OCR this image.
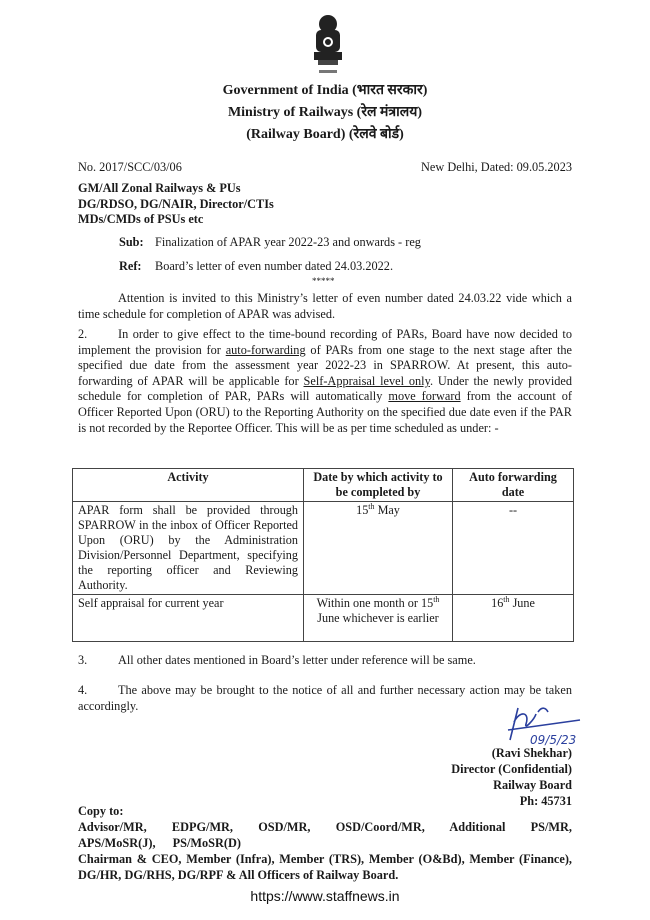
Government of India (भारत सरकार)
Ministry of Railways (रेल मंत्रालय)
(Railway Board) (रेलवे बोर्ड)
No. 2017/SCC/03/06	New Delhi, Dated: 09.05.2023
GM/All Zonal Railways & PUs
DG/RDSO, DG/NAIR, Director/CTIs
MDs/CMDs of PSUs etc
Sub: Finalization of APAR year 2022-23 and onwards - reg
Ref: Board’s letter of even number dated 24.03.2022.
*****
Attention is invited to this Ministry’s letter of even number dated 24.03.22 vide which a time schedule for completion of APAR was advised.
2.	In order to give effect to the time-bound recording of PARs, Board have now decided to implement the provision for auto-forwarding of PARs from one stage to the next stage after the specified due date from the assessment year 2022-23 in SPARROW. At present, this auto-forwarding of APAR will be applicable for Self-Appraisal level only. Under the newly provided schedule for completion of PAR, PARs will automatically move forward from the account of Officer Reported Upon (ORU) to the Reporting Authority on the specified due date even if the PAR is not recorded by the Reportee Officer. This will be as per time scheduled as under: -
Activity	Date by which activity to be completed by	Auto forwarding date
APAR form shall be provided through SPARROW in the inbox of Officer Reported Upon (ORU) by the Administration Division/Personnel Department, specifying the reporting officer and Reviewing Authority.	15th May	--
Self appraisal for current year	Within one month or 15th June whichever is earlier	16th June
3.	All other dates mentioned in Board’s letter under reference will be same.
4.	The above may be brought to the notice of all and further necessary action may be taken accordingly.
09/5/23
(Ravi Shekhar)
Director (Confidential)
Railway Board
Ph: 45731
Copy to:
Advisor/MR, EDPG/MR, OSD/MR, OSD/Coord/MR, Additional PS/MR, APS/MoSR(J), PS/MoSR(D)
Chairman & CEO, Member (Infra), Member (TRS), Member (O&Bd), Member (Finance), DG/HR, DG/RHS, DG/RPF & All Officers of Railway Board.
https://www.staffnews.in
